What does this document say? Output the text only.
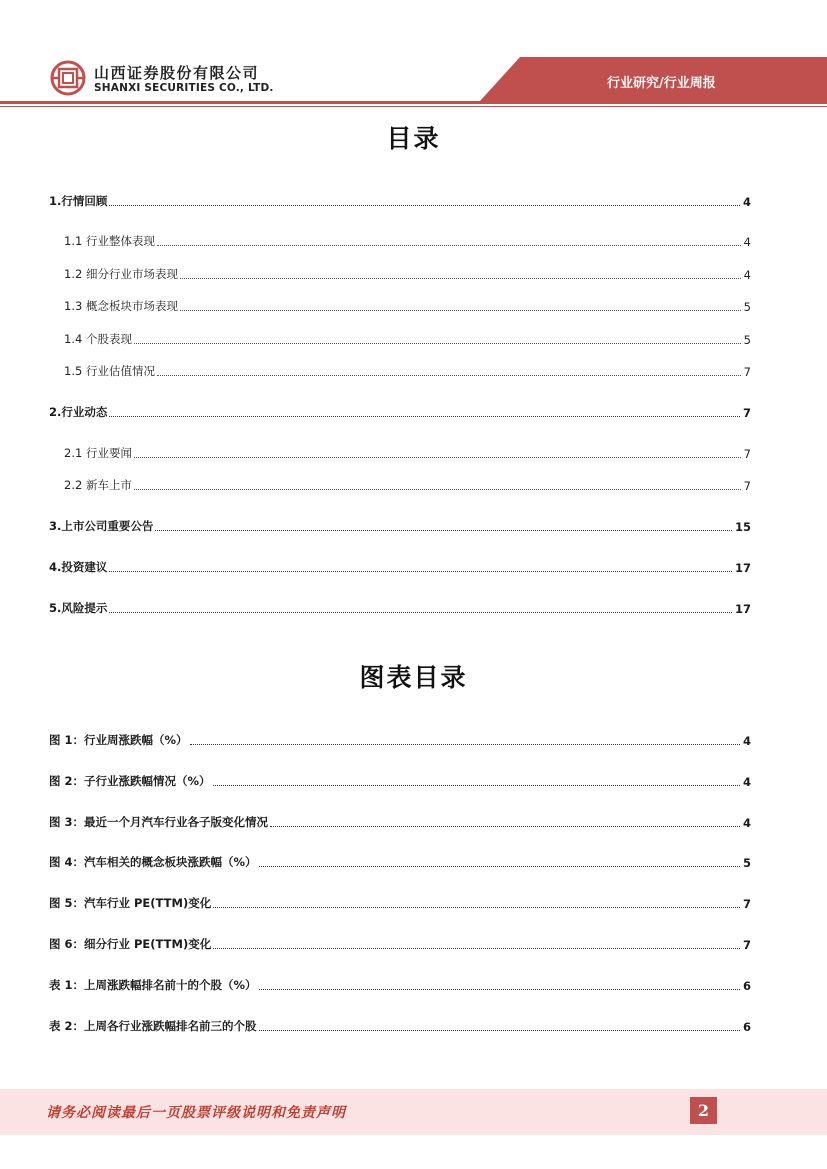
山西证券股份有限公司
SHANXI SECURITIES CO., LTD.	行业研究/行业周报
目录
1.行情回顾	4
1.1 行业整体表现	4
1.2 细分行业市场表现	4
1.3 概念板块市场表现	5
1.4 个股表现	5
1.5 行业估值情况	7
2.行业动态	7
2.1 行业要闻	7
2.2 新车上市	7
3.上市公司重要公告	15
4.投资建议	17
5.风险提示	17
图表目录
图 1：行业周涨跌幅（%）	4
图 2：子行业涨跌幅情况（%）	4
图 3：最近一个月汽车行业各子版变化情况	4
图 4：汽车相关的概念板块涨跌幅（%）	5
图 5：汽车行业 PE(TTM)变化	7
图 6：细分行业 PE(TTM)变化	7
表 1：上周涨跌幅排名前十的个股（%）	6
表 2：上周各行业涨跌幅排名前三的个股	6
请务必阅读最后一页股票评级说明和免责声明	2
